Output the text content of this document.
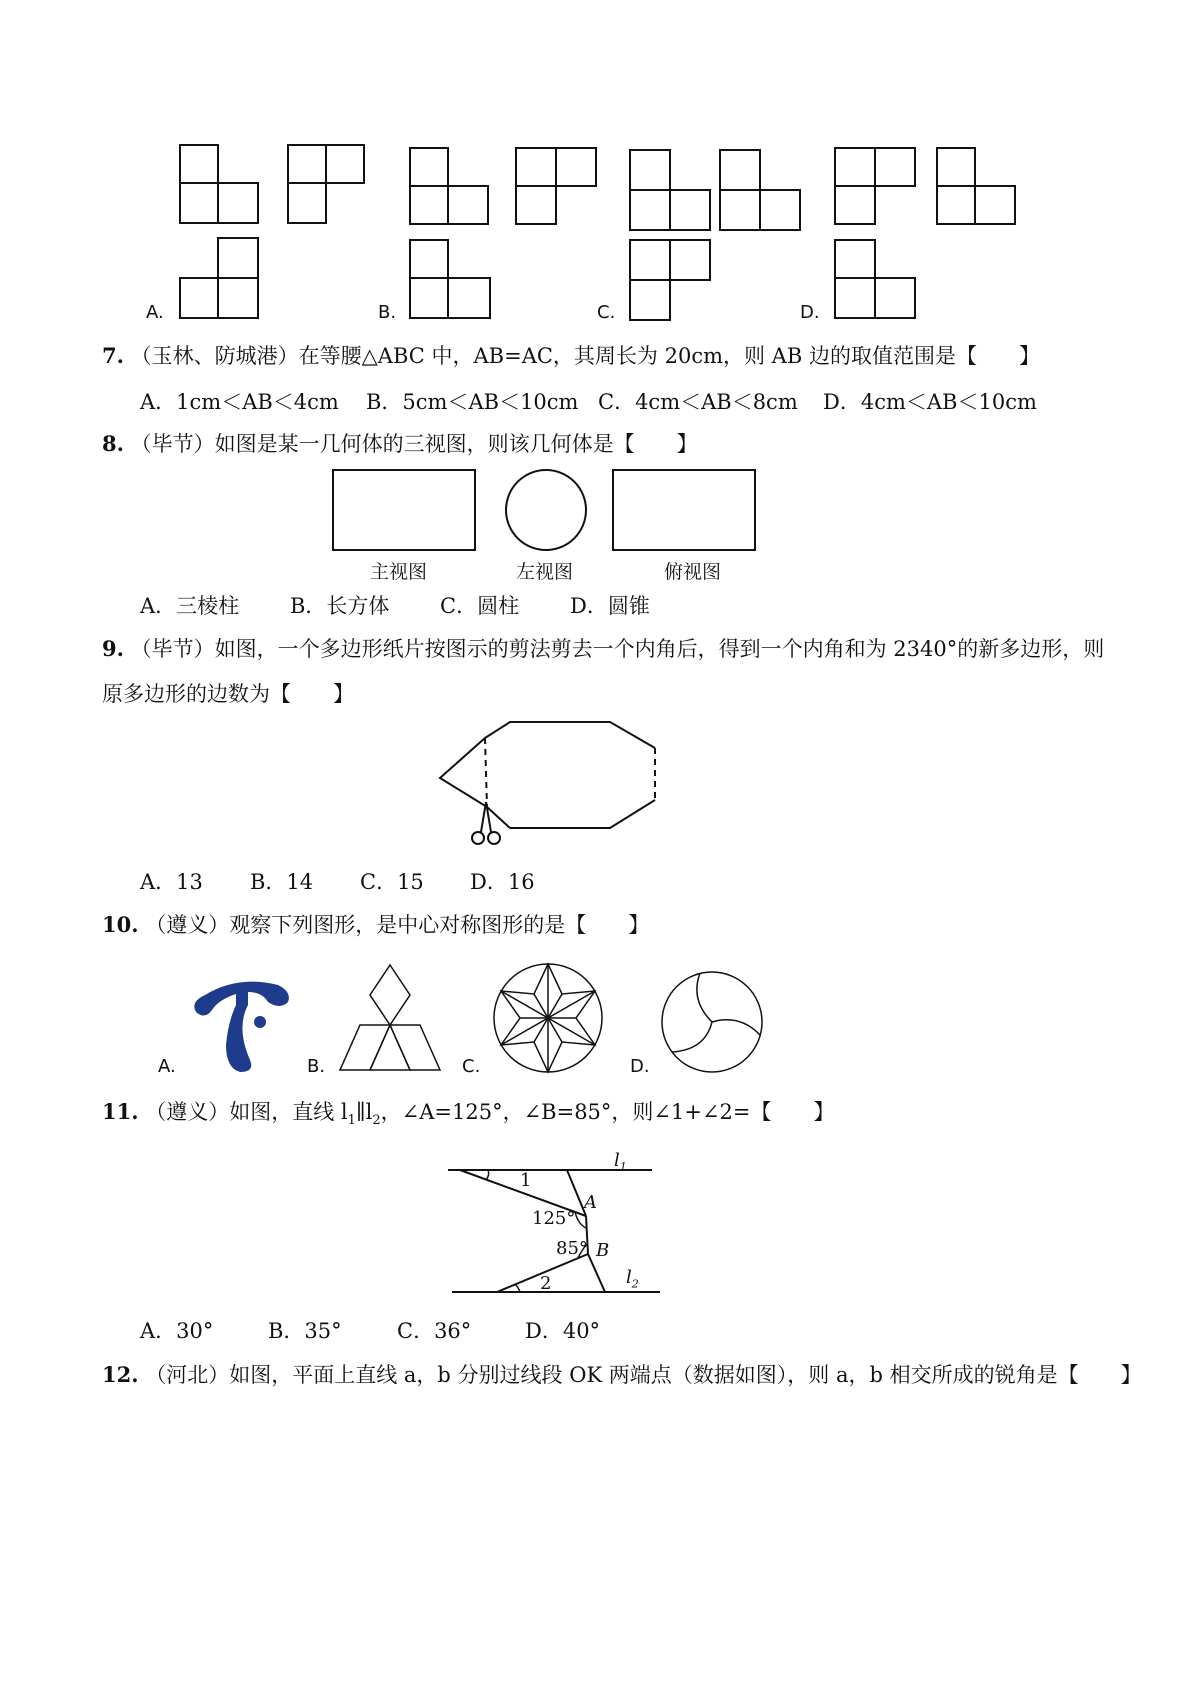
A.	B.	C.	D.
7. （玉林、防城港）在等腰△ABC 中，AB=AC，其周长为 20cm，则 AB 边的取值范围是【　　】
A．1cm＜AB＜4cm B．5cm＜AB＜10cm C．4cm＜AB＜8cm D．4cm＜AB＜10cm
8. （毕节）如图是某一几何体的三视图，则该几何体是【　　】
主视图	左视图	俯视图
A．三棱柱 B．长方体 C．圆柱 D．圆锥
9. （毕节）如图，一个多边形纸片按图示的剪法剪去一个内角后，得到一个内角和为 2340°的新多边形，则
原多边形的边数为【　　】
A．13 B．14 C．15 D．16
10. （遵义）观察下列图形，是中心对称图形的是【　　】
A.	B.	C.	D.
11. （遵义）如图，直线 $l_1\parallel l_2$，∠A=125°，∠B=85°，则∠1+∠2=【　　】
$l_1$
$l_2$
1
2
A
B
125°
85°
A．30°	B．35°	C．36°	D．40°
12. （河北）如图，平面上直线 a，b 分别过线段 OK 两端点（数据如图），则 a，b 相交所成的锐角是【　　】
